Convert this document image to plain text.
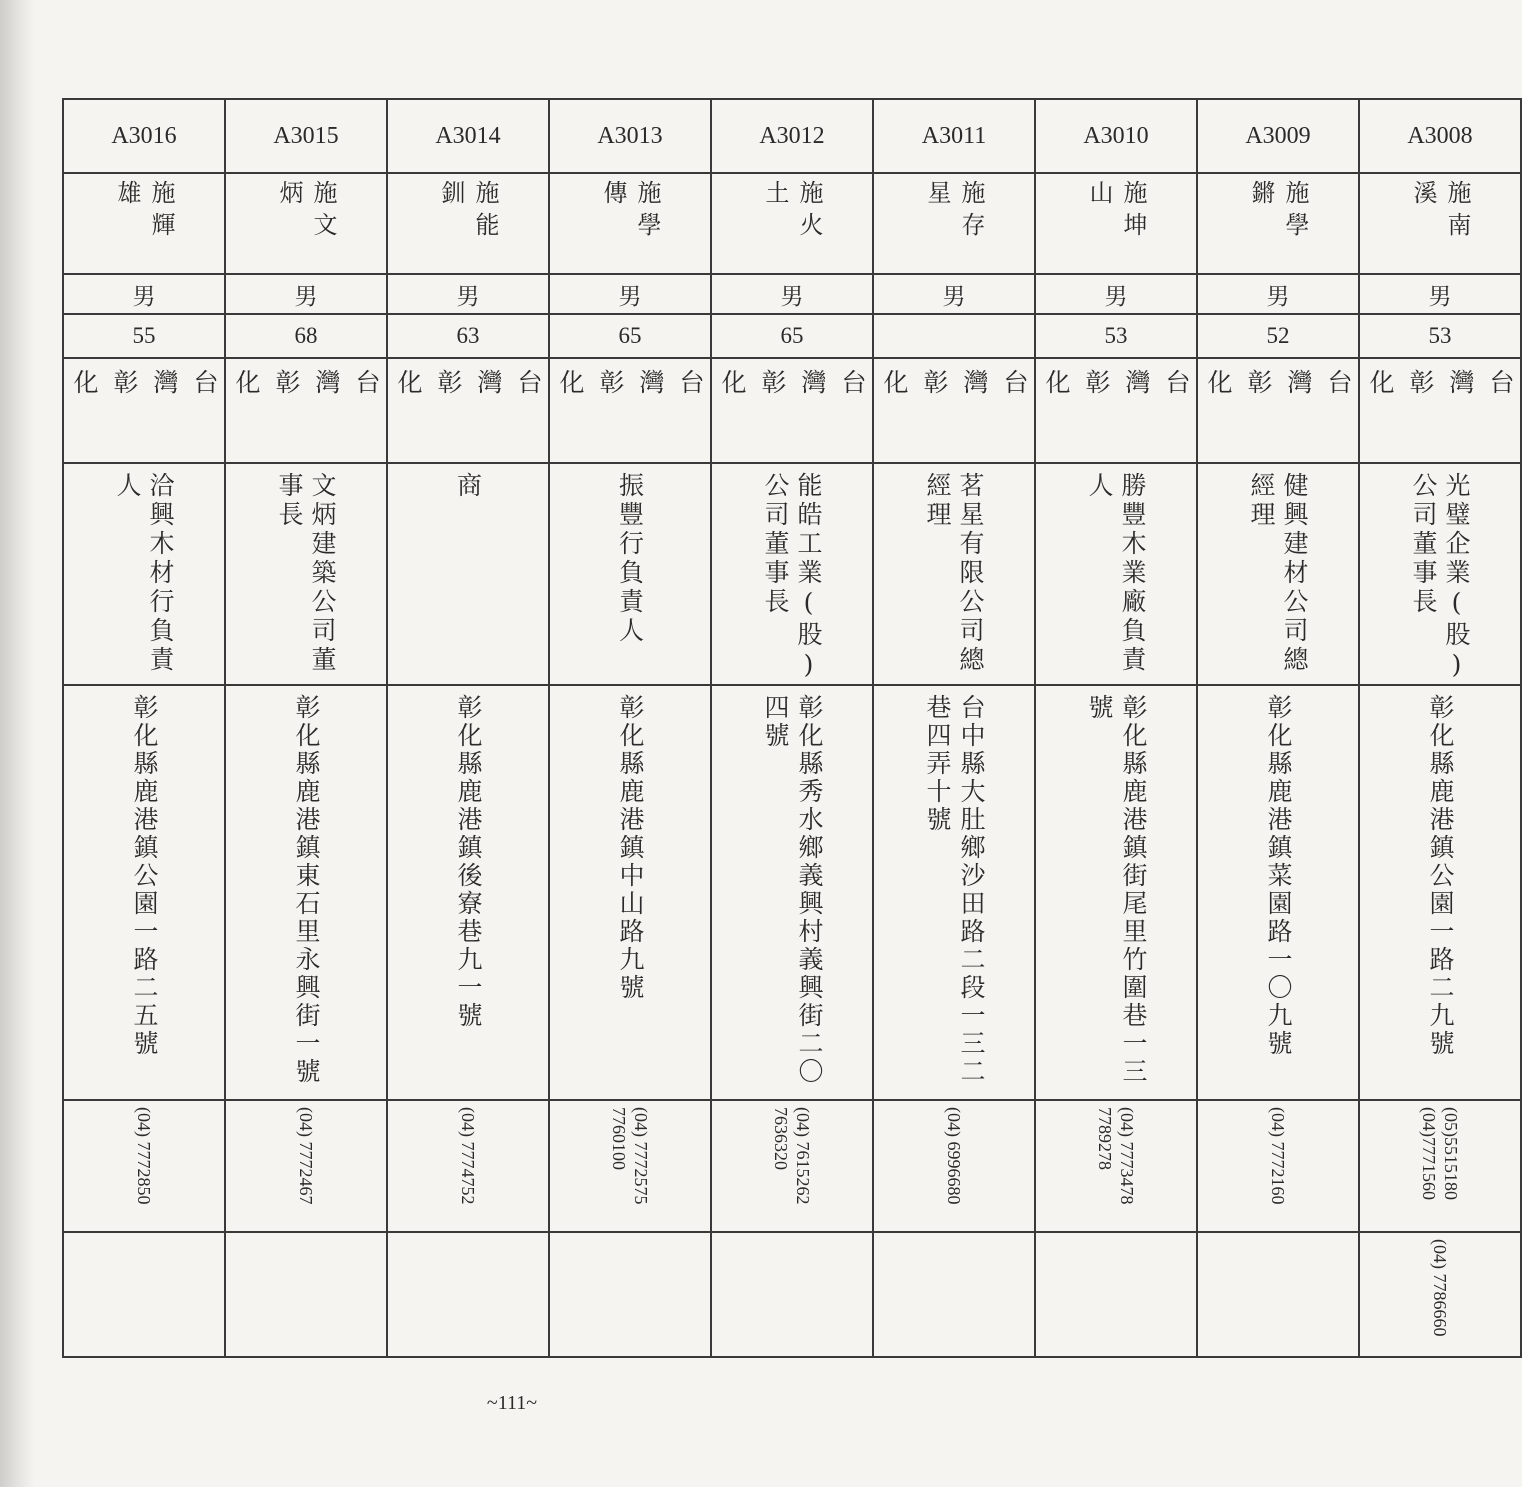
A3016	A3015	A3014	A3013	A3012	A3011	A3010	A3009	A3008

施輝雄	施文炳	施能釧	施學傳	施火土	施存星	施坤山	施學鏘	施南溪

男	男	男	男	男	男	男	男	男
55	68	63	65	65		53	52	53

台灣彰化	台灣彰化	台灣彰化	台灣彰化	台灣彰化	台灣彰化	台灣彰化	台灣彰化	台灣彰化

洽興木材行負責人	文炳建築公司董事長	商	振豐行負責人	能皓工業(股)公司董事長	茗星有限公司總經理	勝豐木業廠負責人	健興建材公司總經理	光璧企業(股)公司董事長

彰化縣鹿港鎮公園一路二五號	彰化縣鹿港鎮東石里永興街一號	彰化縣鹿港鎮後寮巷九一號	彰化縣鹿港鎮中山路九號	彰化縣秀水鄉義興村義興街二〇四號	台中縣大肚鄉沙田路二段一三二巷四弄十號	彰化縣鹿港鎮街尾里竹圍巷一三號	彰化縣鹿港鎮菜園路一〇九號	彰化縣鹿港鎮公園一路二九號

(04) 7772850	(04) 7772467	(04) 7774752	(04) 7772575 7760100	(04) 7615262 7636320	(04) 6996680	(04) 7773478 7789278	(04) 7772160	(05)5515180 (04)7771560

								(04) 7786660
~111~
